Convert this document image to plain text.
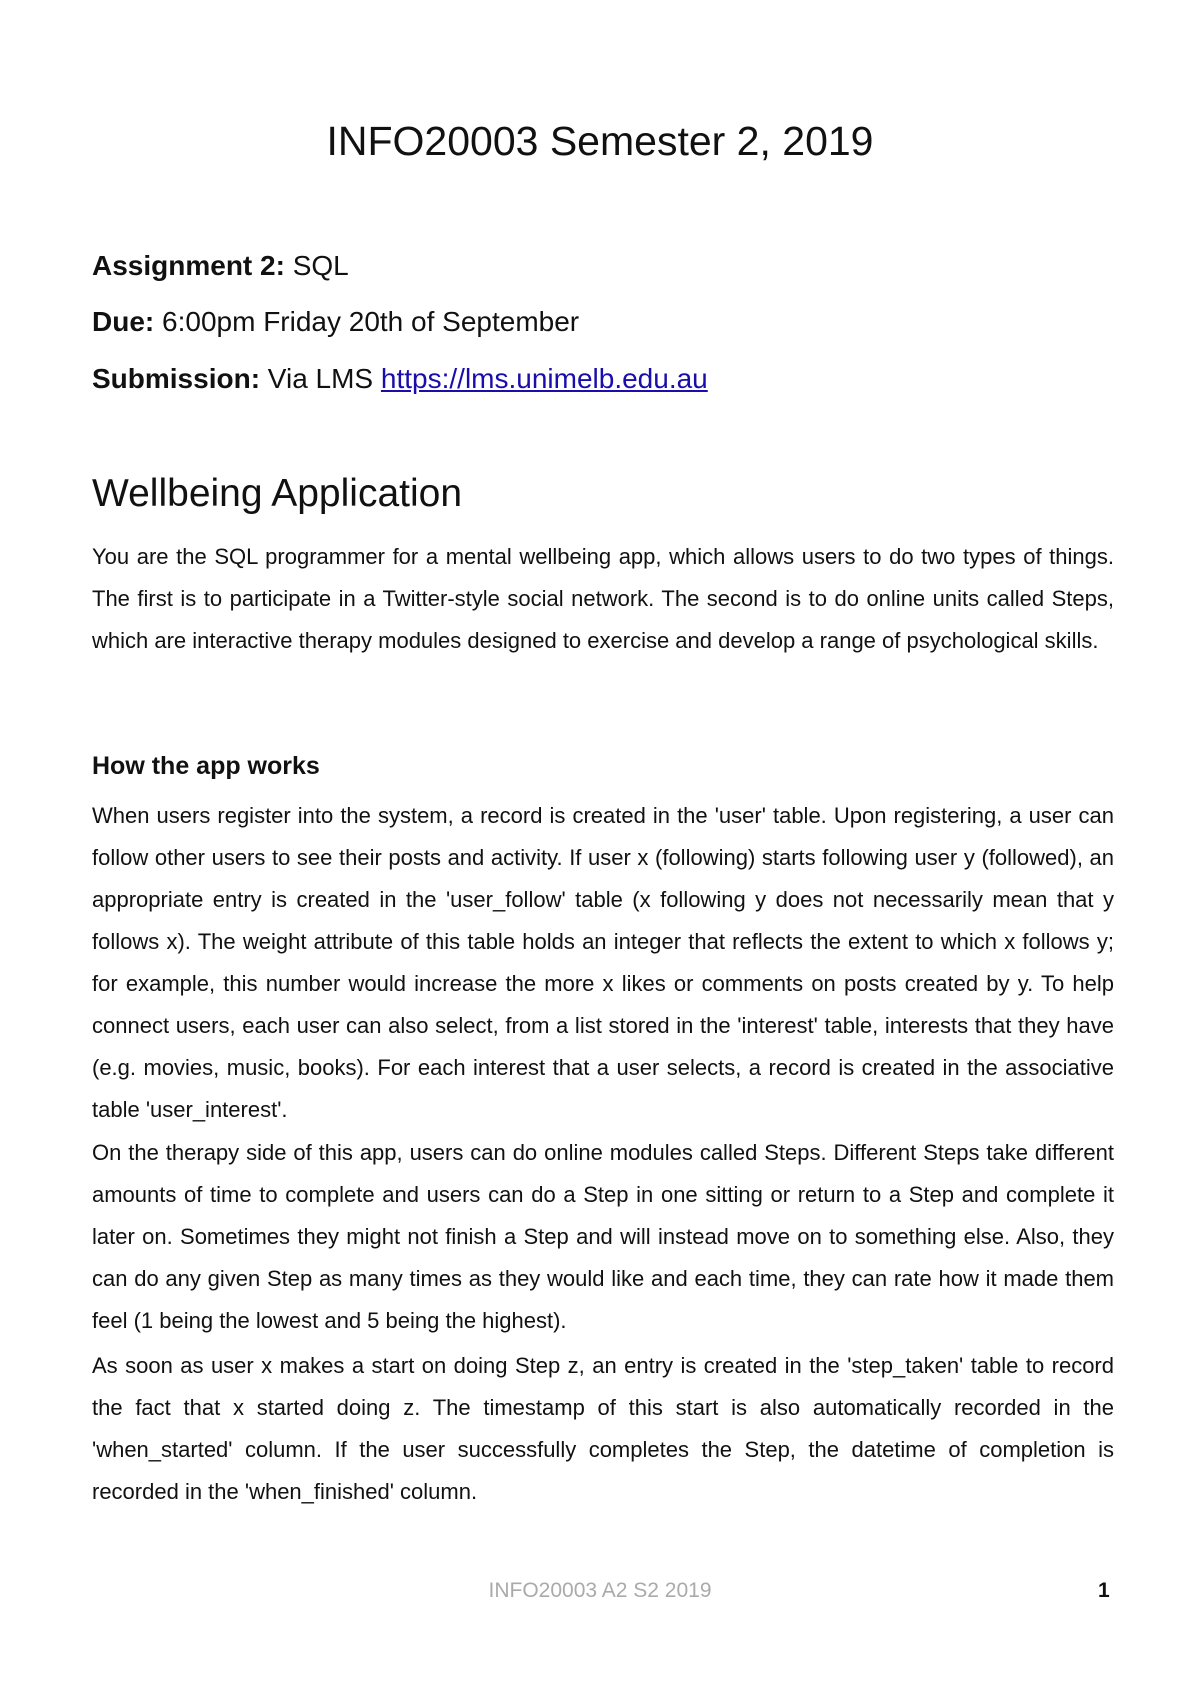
INFO20003 Semester 2, 2019

Assignment 2: SQL

Due: 6:00pm Friday 20th of September

Submission: Via LMS https://lms.unimelb.edu.au

Wellbeing Application

You are the SQL programmer for a mental wellbeing app, which allows users to do two types of things. The first is to participate in a Twitter-style social network. The second is to do online units called Steps, which are interactive therapy modules designed to exercise and develop a range of psychological skills.

How the app works

When users register into the system, a record is created in the 'user' table. Upon registering, a user can follow other users to see their posts and activity. If user x (following) starts following user y (followed), an appropriate entry is created in the 'user_follow' table (x following y does not necessarily mean that y follows x). The weight attribute of this table holds an integer that reflects the extent to which x follows y; for example, this number would increase the more x likes or comments on posts created by y. To help connect users, each user can also select, from a list stored in the 'interest' table, interests that they have (e.g. movies, music, books). For each interest that a user selects, a record is created in the associative table 'user_interest'.

On the therapy side of this app, users can do online modules called Steps. Different Steps take different amounts of time to complete and users can do a Step in one sitting or return to a Step and complete it later on. Sometimes they might not finish a Step and will instead move on to something else. Also, they can do any given Step as many times as they would like and each time, they can rate how it made them feel (1 being the lowest and 5 being the highest).

As soon as user x makes a start on doing Step z, an entry is created in the 'step_taken' table to record the fact that x started doing z. The timestamp of this start is also automatically recorded in the 'when_started' column. If the user successfully completes the Step, the datetime of completion is recorded in the 'when_finished' column.

INFO20003 A2 S2 2019	1
